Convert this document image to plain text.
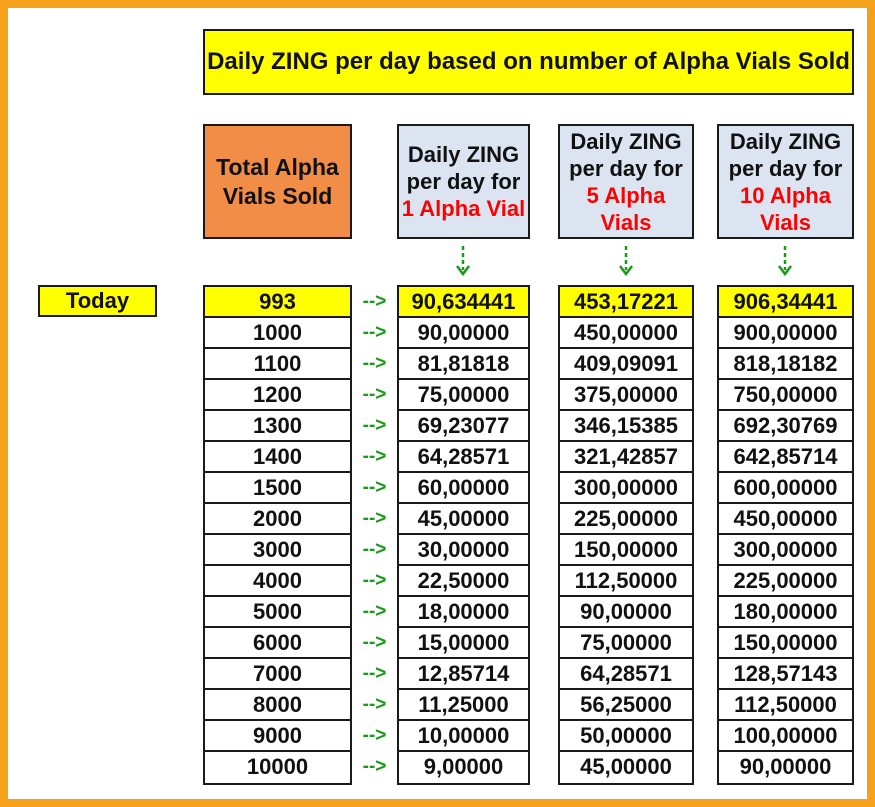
Daily ZING per day based on number of Alpha Vials Sold
Total Alpha
Vials Sold
Daily ZING
per day for
1 Alpha Vial
Daily ZING
per day for
5 Alpha
Vials
Daily ZING
per day for
10 Alpha
Vials
Today	993
1000
1100
1200
1300
1400
1500
2000
3000
4000
5000
6000
7000
8000
9000
10000
-->
-->
-->
-->
-->
-->
-->
-->
-->
-->
-->
-->
-->
-->
-->
-->
90,634441
90,00000
81,81818
75,00000
69,23077
64,28571
60,00000
45,00000
30,00000
22,50000
18,00000
15,00000
12,85714
11,25000
10,00000
9,00000
453,17221
450,00000
409,09091
375,00000
346,15385
321,42857
300,00000
225,00000
150,00000
112,50000
90,00000
75,00000
64,28571
56,25000
50,00000
45,00000
906,34441
900,00000
818,18182
750,00000
692,30769
642,85714
600,00000
450,00000
300,00000
225,00000
180,00000
150,00000
128,57143
112,50000
100,00000
90,00000
